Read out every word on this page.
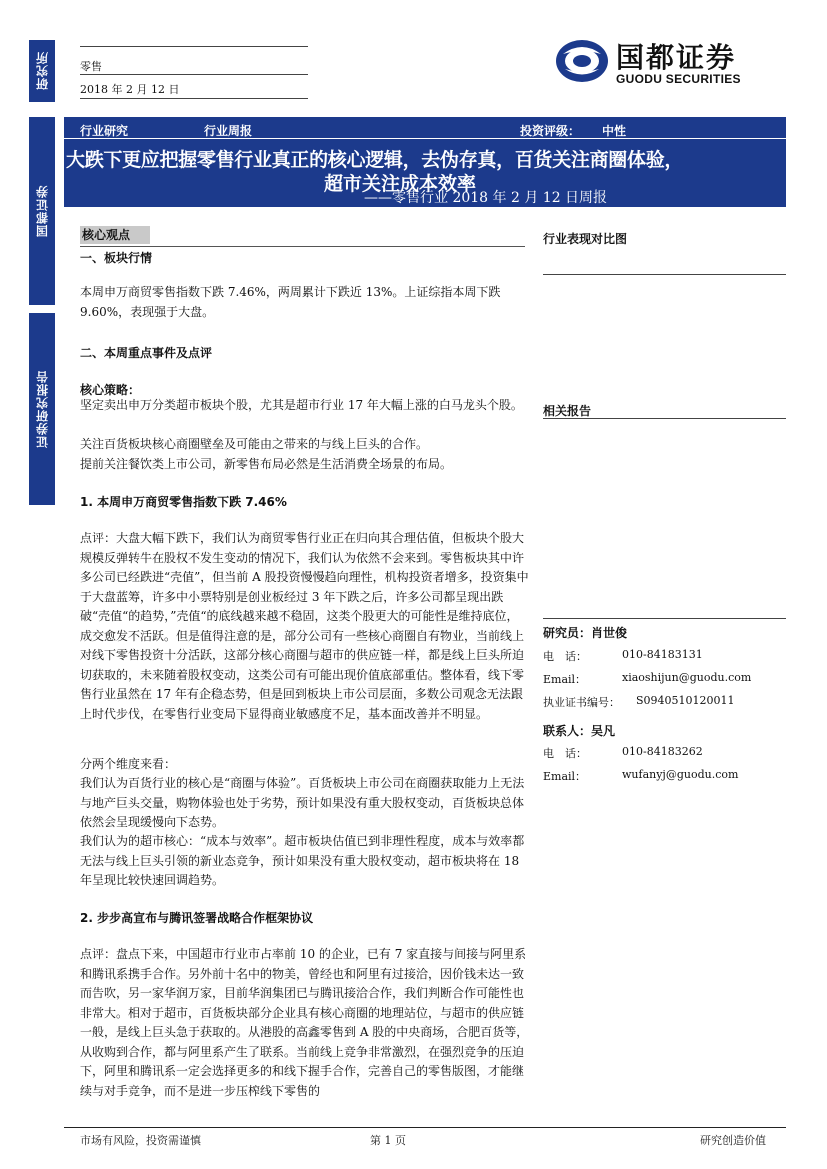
研究所
国都证券
证券研究报告
零售
2018 年 2 月 12 日
国都证券
GUODU SECURITIES
行业研究	行业周报	投资评级： 中性
大跌下更应把握零售行业真正的核心逻辑，去伪存真，百货关注商圈体验，
超市关注成本效率
——零售行业 2018 年 2 月 12 日周报
核心观点
一、板块行情

本周申万商贸零售指数下跌 7.46%，两周累计下跌近 13%。上证综指本周下跌 9.60%，表现强于大盘。

二、本周重点事件及点评
核心策略：

坚定卖出申万分类超市板块个股，尤其是超市行业 17 年大幅上涨的白马龙头个股。

关注百货板块核心商圈壁垒及可能由之带来的与线上巨头的合作。

提前关注餐饮类上市公司，新零售布局必然是生活消费全场景的布局。

1. 本周申万商贸零售指数下跌 7.46%

点评：大盘大幅下跌下，我们认为商贸零售行业正在归向其合理估值，但板块个股大规模反弹转牛在股权不发生变动的情况下，我们认为依然不会来到。零售板块其中许多公司已经跌进“壳值”，但当前 A 股投资慢慢趋向理性，机构投资者增多，投资集中于大盘蓝筹，许多中小票特别是创业板经过 3 年下跌之后，许多公司都呈现出跌破“壳值“的趋势，”壳值“的底线越来越不稳固，这类个股更大的可能性是维持底位，成交愈发不活跃。但是值得注意的是，部分公司有一些核心商圈自有物业，当前线上对线下零售投资十分活跃，这部分核心商圈与超市的供应链一样，都是线上巨头所迫切获取的，未来随着股权变动，这类公司有可能出现价值底部重估。整体看，线下零售行业虽然在 17 年有企稳态势，但是回到板块上市公司层面，多数公司观念无法跟上时代步伐，在零售行业变局下显得商业敏感度不足，基本面改善并不明显。

分两个维度来看：

我们认为百货行业的核心是“商圈与体验”。百货板块上市公司在商圈获取能力上无法与地产巨头交量，购物体验也处于劣势，预计如果没有重大股权变动，百货板块总体依然会呈现缓慢向下态势。

我们认为的超市核心：“成本与效率”。超市板块估值已到非理性程度，成本与效率都无法与线上巨头引领的新业态竞争，预计如果没有重大股权变动，超市板块将在 18 年呈现比较快速回调趋势。

2. 步步高宣布与腾讯签署战略合作框架协议

点评：盘点下来，中国超市行业市占率前 10 的企业，已有 7 家直接与间接与阿里系和腾讯系携手合作。另外前十名中的物美，曾经也和阿里有过接洽，因价钱未达一致而告吹，另一家华润万家，目前华润集团已与腾讯接洽合作，我们判断合作可能性也非常大。相对于超市，百货板块部分企业具有核心商圈的地理站位，与超市的供应链一般，是线上巨头急于获取的。从港股的高鑫零售到 A 股的中央商场，合肥百货等，从收购到合作，都与阿里系产生了联系。当前线上竞争非常激烈，在强烈竞争的压迫下，阿里和腾讯系一定会选择更多的和线下握手合作，完善自己的零售版图，才能继续与对手竞争，而不是进一步压榨线下零售的

行业表现对比图
相关报告
研究员：肖世俊
电　话：	010-84183131
Email：	xiaoshijun@guodu.com
执业证书编号： S0940510120011
联系人：吴凡
电　话：	010-84183262
Email：	wufanyj@guodu.com
市场有风险，投资需谨慎	第 1 页	研究创造价值
